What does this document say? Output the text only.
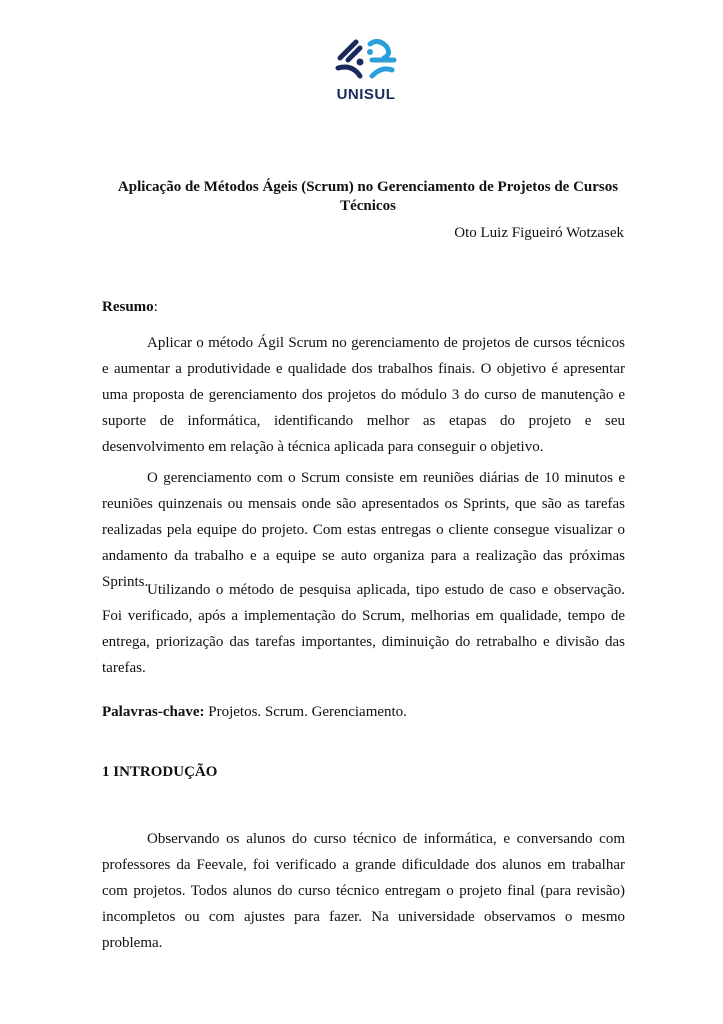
UNISUL
Aplicação de Métodos Ágeis (Scrum) no Gerenciamento de Projetos de Cursos Técnicos
Oto Luiz Figueiró Wotzasek
Resumo:

Aplicar o método Ágil Scrum no gerenciamento de projetos de cursos técnicos e aumentar a produtividade e qualidade dos trabalhos finais. O objetivo é apresentar uma proposta de gerenciamento dos projetos do módulo 3 do curso de manutenção e suporte de informática, identificando melhor as etapas do projeto e seu desenvolvimento em relação à técnica aplicada para conseguir o objetivo.

O gerenciamento com o Scrum consiste em reuniões diárias de 10 minutos e reuniões quinzenais ou mensais onde são apresentados os Sprints, que são as tarefas realizadas pela equipe do projeto. Com estas entregas o cliente consegue visualizar o andamento da trabalho e a equipe se auto organiza para a realização das próximas Sprints.

Utilizando o método de pesquisa aplicada, tipo estudo de caso e observação. Foi verificado, após a implementação do Scrum, melhorias em qualidade, tempo de entrega, priorização das tarefas importantes, diminuição do retrabalho e divisão das tarefas.

Palavras-chave: Projetos. Scrum. Gerenciamento.
1 INTRODUÇÃO

Observando os alunos do curso técnico de informática, e conversando com professores da Feevale, foi verificado a grande dificuldade dos alunos em trabalhar com projetos. Todos alunos do curso técnico entregam o projeto final (para revisão) incompletos ou com ajustes para fazer. Na universidade observamos o mesmo problema.
